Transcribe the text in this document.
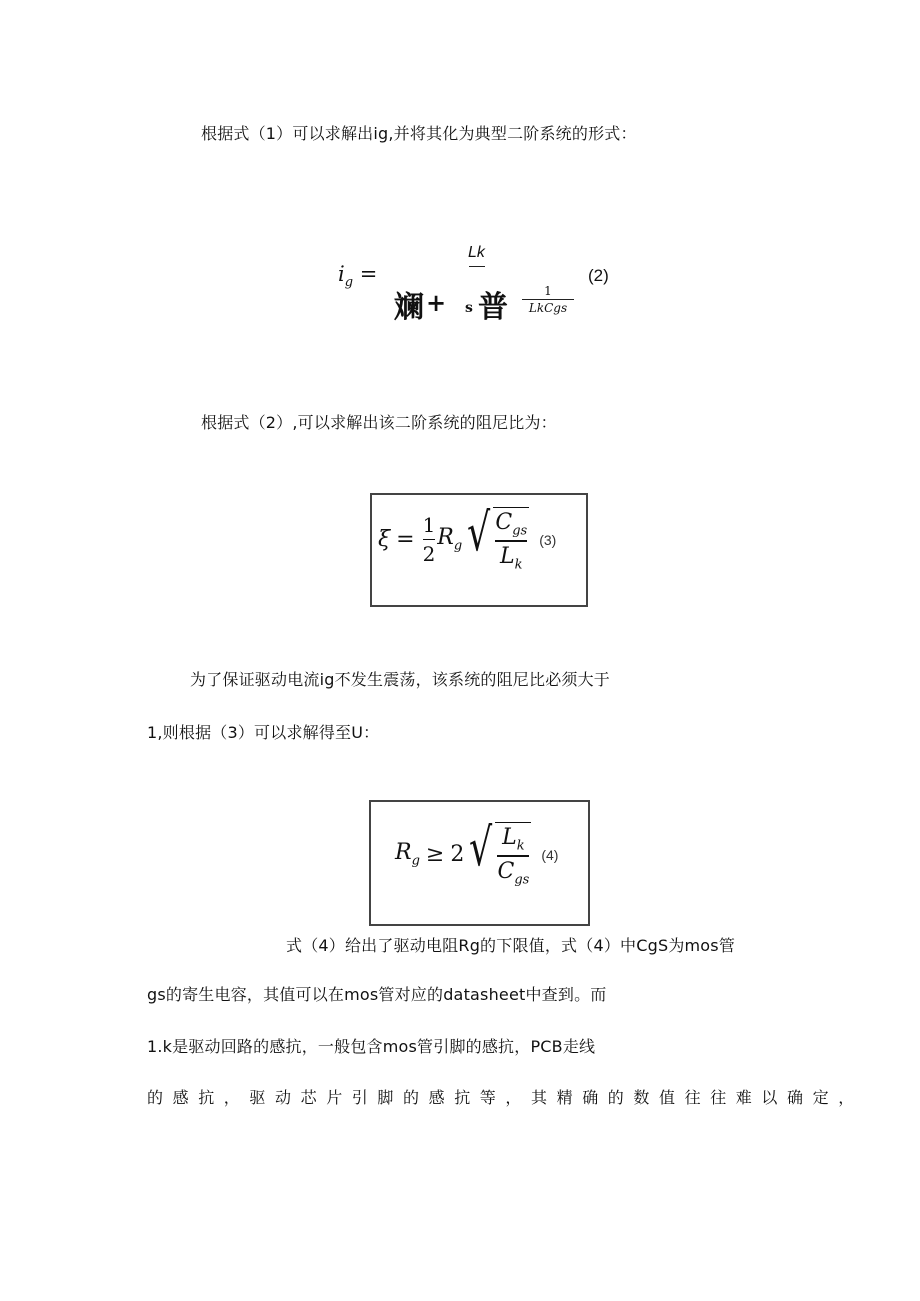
根据式（1）可以求解出ig,并将其化为典型二阶系统的形式：
$i_g$ =
Lk
斓 + s 普	1
LkCgs
(2)
根据式（2）,可以求解出该二阶系统的阻尼比为：
$\xi = \frac{1}{2} R_g$ √ $\frac{C_{gs}}{L_k} (3)$
为了保证驱动电流ig不发生震荡，该系统的阻尼比必须大于
1,则根据（3）可以求解得至U：
$R_g \ge 2$ √ $\frac{L_k}{C_{gs}} (4)$
式（4）给出了驱动电阻Rg的下限值，式（4）中CgS为mos管
gs的寄生电容，其值可以在mos管对应的datasheet中查到。而
1.k是驱动回路的感抗，一般包含mos管引脚的感抗，PCB走线
的感抗，驱动芯片引脚的感抗等，其精确的数值往往难以确定，
